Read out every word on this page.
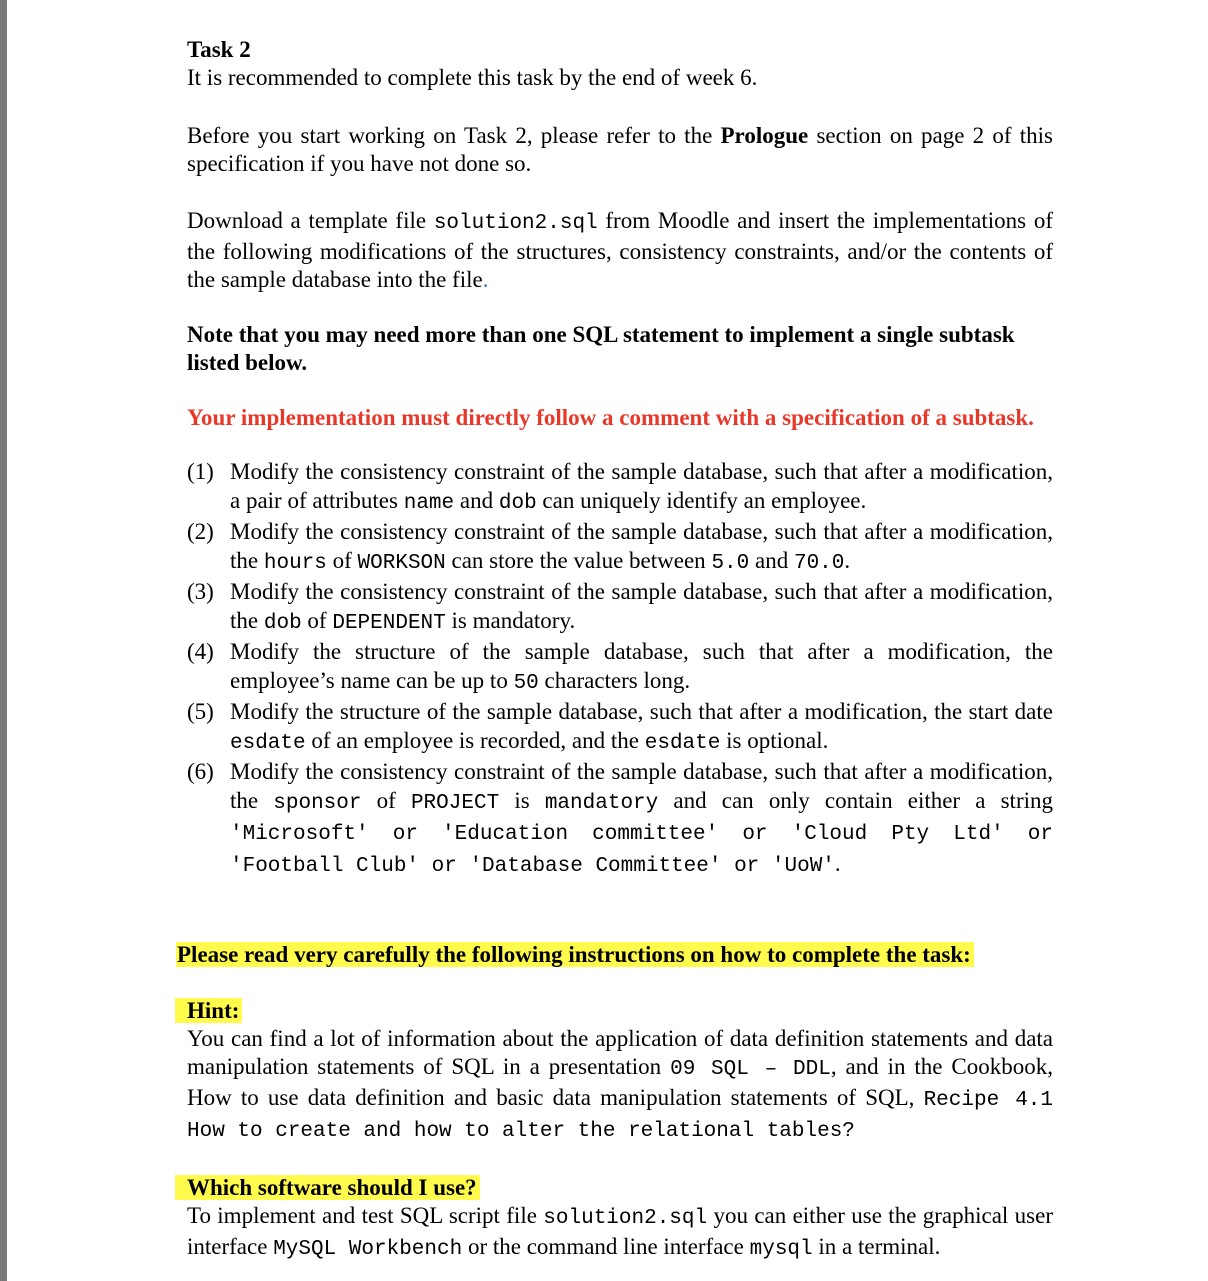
Task 2

It is recommended to complete this task by the end of week 6.

Before you start working on Task 2, please refer to the Prologue section on page 2 of this specification if you have not done so.

Download a template file solution2.sql from Moodle and insert the implementations of the following modifications of the structures, consistency constraints, and/or the contents of the sample database into the file.

Note that you may need more than one SQL statement to implement a single subtask listed below.

Your implementation must directly follow a comment with a specification of a subtask.

(1) Modify the consistency constraint of the sample database, such that after a modification, a pair of attributes name and dob can uniquely identify an employee.
(2) Modify the consistency constraint of the sample database, such that after a modification, the hours of WORKSON can store the value between 5.0 and 70.0.
(3) Modify the consistency constraint of the sample database, such that after a modification, the dob of DEPENDENT is mandatory.
(4) Modify the structure of the sample database, such that after a modification, the employee’s name can be up to 50 characters long.
(5) Modify the structure of the sample database, such that after a modification, the start date esdate of an employee is recorded, and the esdate is optional.
(6) Modify the consistency constraint of the sample database, such that after a modification, the sponsor of PROJECT is mandatory and can only contain either a string 'Microsoft' or 'Education committee' or 'Cloud Pty Ltd' or 'Football Club' or 'Database Committee' or 'UoW'.

Please read very carefully the following instructions on how to complete the task:

Hint:

You can find a lot of information about the application of data definition statements and data manipulation statements of SQL in a presentation 09 SQL – DDL, and in the Cookbook, How to use data definition and basic data manipulation statements of SQL, Recipe 4.1 How to create and how to alter the relational tables?

Which software should I use?

To implement and test SQL script file solution2.sql you can either use the graphical user interface MySQL Workbench or the command line interface mysql in a terminal.
